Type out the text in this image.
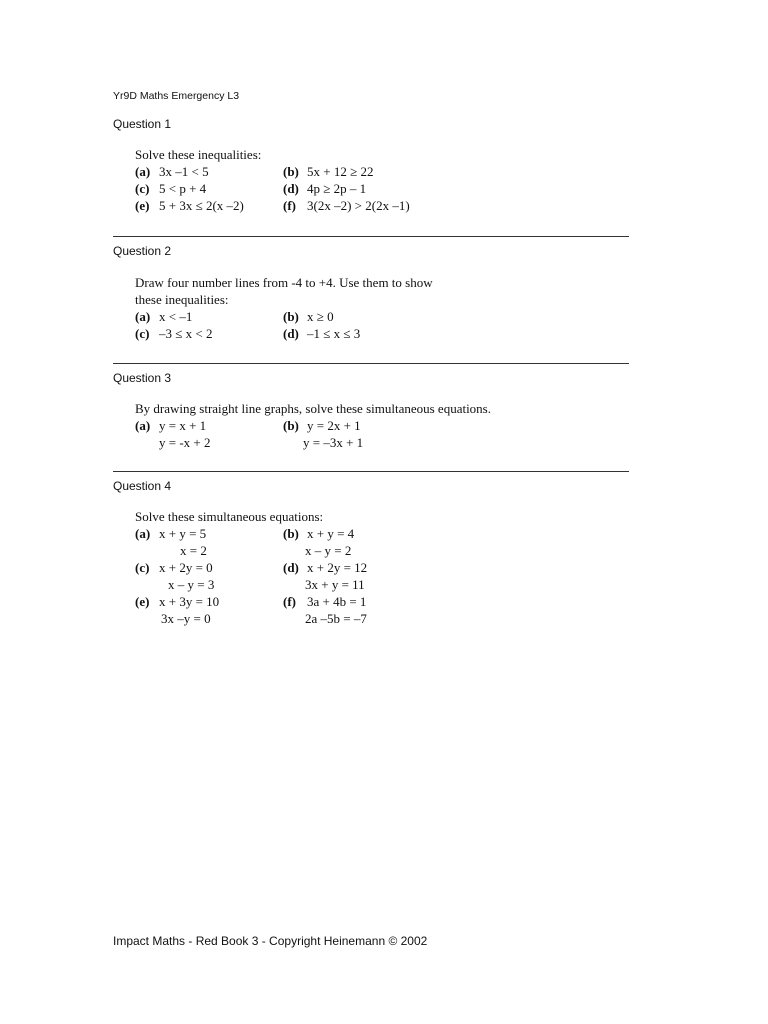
Yr9D Maths Emergency L3
Question 1
Solve these inequalities:
(a) 3x –1 < 5	(b) 5x + 12 ≥ 22
(c) 5 < p + 4	(d) 4p ≥ 2p – 1
(e) 5 + 3x ≤ 2(x –2)	(f) 3(2x –2) > 2(2x –1)
Question 2
Draw four number lines from -4 to +4. Use them to show
these inequalities:
(a) x < –1	(b) x ≥ 0
(c) –3 ≤ x < 2	(d) –1 ≤ x ≤ 3
Question 3
By drawing straight line graphs, solve these simultaneous equations.
(a) y = x + 1	(b) y = 2x + 1
y = -x + 2	y = –3x + 1
Question 4
Solve these simultaneous equations:
(a) x + y = 5	(b) x + y = 4
x = 2	x – y = 2
(c) x + 2y = 0	(d) x + 2y = 12
x – y = 3	3x + y = 11
(e) x + 3y = 10	(f) 3a + 4b = 1
3x –y = 0	2a –5b = –7
Impact Maths - Red Book 3 - Copyright Heinemann © 2002
